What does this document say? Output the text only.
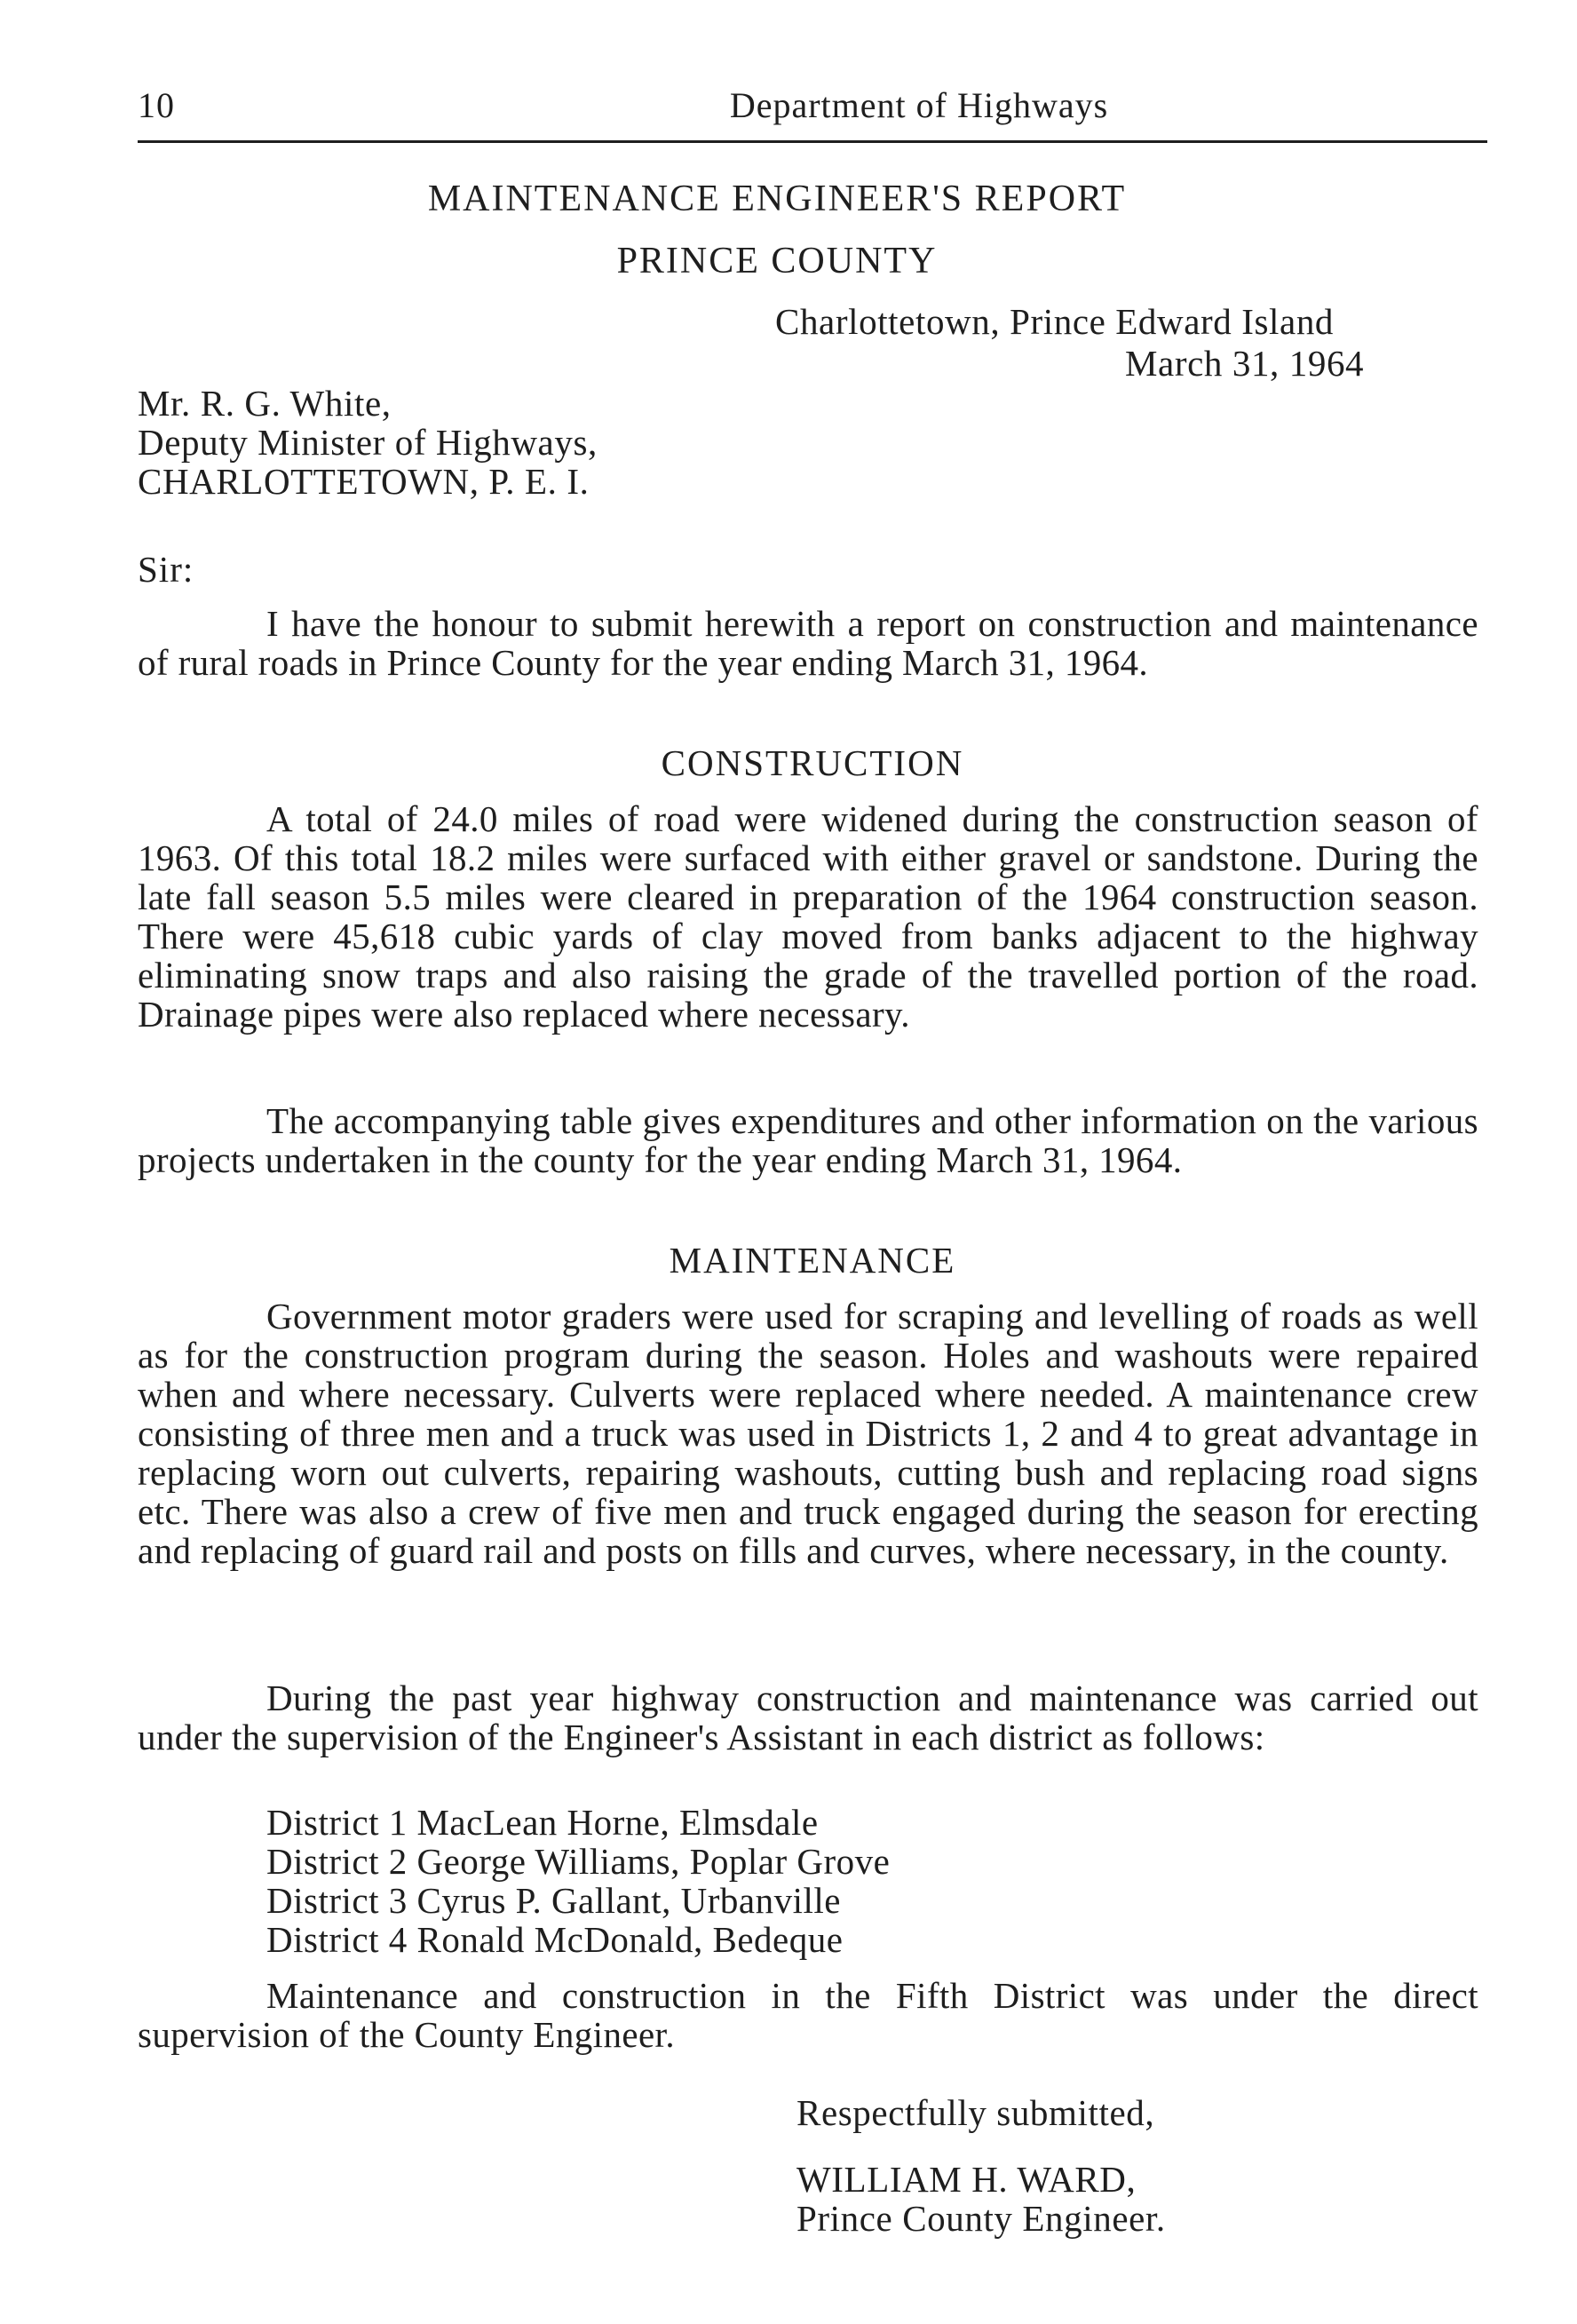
10	Department of Highways
MAINTENANCE ENGINEER'S REPORT
PRINCE COUNTY
Charlottetown, Prince Edward Island
March 31, 1964
Mr. R. G. White,
Deputy Minister of Highways,
CHARLOTTETOWN, P. E. I.
Sir:
I have the honour to submit herewith a report on construction and maintenance of rural roads in Prince County for the year ending March 31, 1964.
CONSTRUCTION
A total of 24.0 miles of road were widened during the construction season of 1963. Of this total 18.2 miles were surfaced with either gravel or sandstone. During the late fall season 5.5 miles were cleared in preparation of the 1964 construction season. There were 45,618 cubic yards of clay moved from banks adjacent to the highway eliminating snow traps and also raising the grade of the travelled portion of the road. Drainage pipes were also replaced where necessary.
The accompanying table gives expenditures and other information on the various projects undertaken in the county for the year ending March 31, 1964.
MAINTENANCE
Government motor graders were used for scraping and levelling of roads as well as for the construction program during the season. Holes and washouts were repaired when and where necessary. Culverts were replaced where needed. A maintenance crew consisting of three men and a truck was used in Districts 1, 2 and 4 to great advantage in replacing worn out culverts, repairing washouts, cutting bush and replacing road signs etc. There was also a crew of five men and truck engaged during the season for erecting and replacing of guard rail and posts on fills and curves, where necessary, in the county.
During the past year highway construction and maintenance was carried out under the supervision of the Engineer's Assistant in each district as follows:
District 1 MacLean Horne, Elmsdale
District 2 George Williams, Poplar Grove
District 3 Cyrus P. Gallant, Urbanville
District 4 Ronald McDonald, Bedeque
Maintenance and construction in the Fifth District was under the direct supervision of the County Engineer.
Respectfully submitted,
WILLIAM H. WARD,
Prince County Engineer.
